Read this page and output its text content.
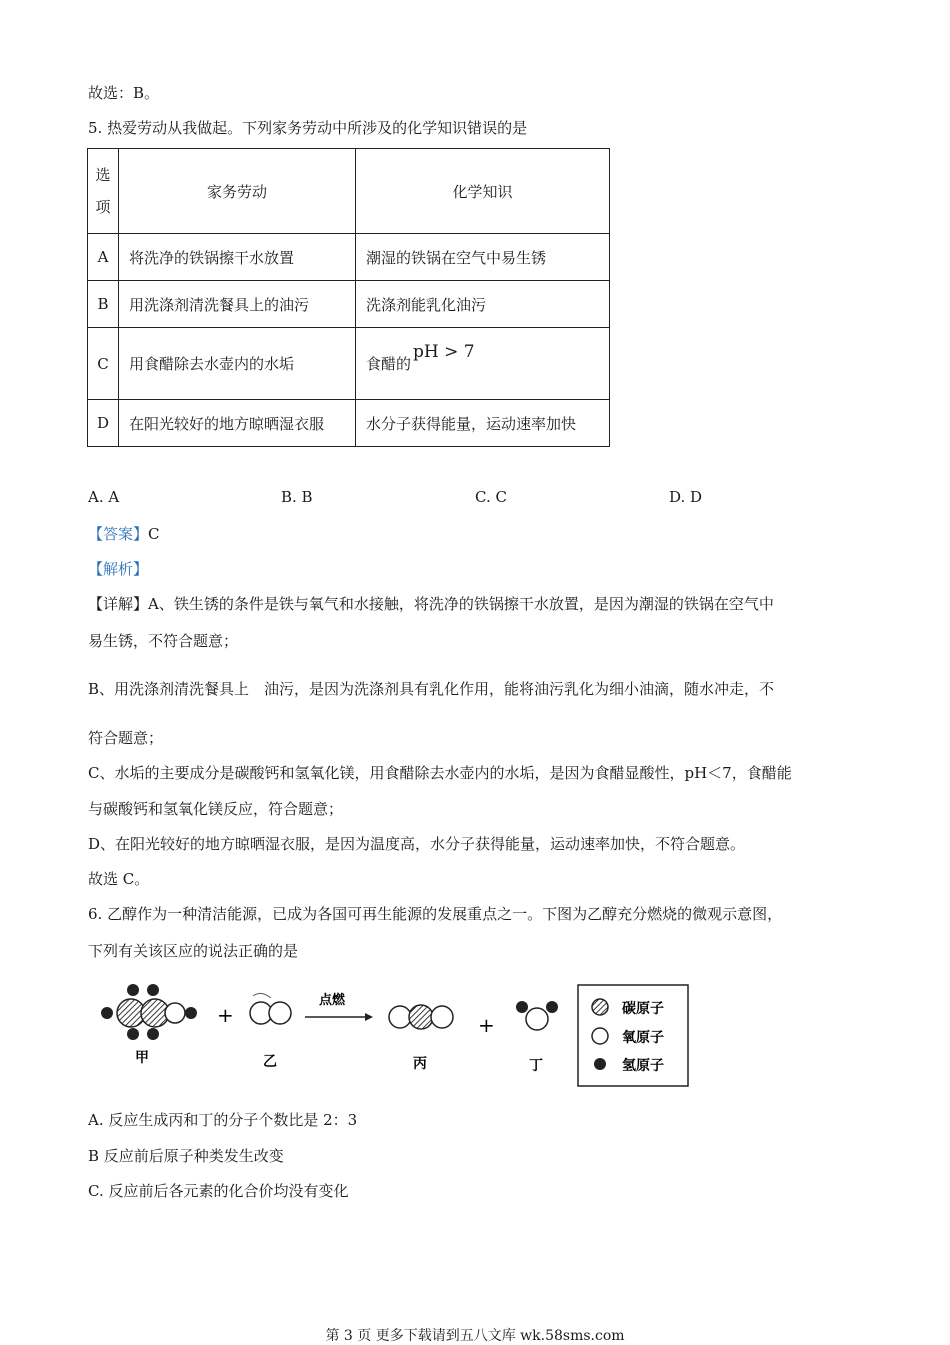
故选：B。
5. 热爱劳动从我做起。下列家务劳动中所涉及的化学知识错误的是
选
项	家务劳动	化学知识
A	将洗净的铁锅擦干水放置	潮湿的铁锅在空气中易生锈
B	用洗涤剂清洗餐具上的油污	洗涤剂能乳化油污
C	用食醋除去水壶内的水垢	食醋的pH > 7
D	在阳光较好的地方晾晒湿衣服	水分子获得能量，运动速率加快
A. A	B. B	C. C	D. D
【答案】C
【解析】
【详解】A、铁生锈的条件是铁与氧气和水接触，将洗净的铁锅擦干水放置，是因为潮湿的铁锅在空气中
易生锈，不符合题意；
B、用洗涤剂清洗餐具上　油污，是因为洗涤剂具有乳化作用，能将油污乳化为细小油滴，随水冲走，不
符合题意；
C、水垢的主要成分是碳酸钙和氢氧化镁，用食醋除去水壶内的水垢，是因为食醋显酸性，pH＜7，食醋能
与碳酸钙和氢氧化镁反应，符合题意；
D、在阳光较好的地方晾晒湿衣服，是因为温度高，水分子获得能量，运动速率加快，不符合题意。
故选 C。
6. 乙醇作为一种清洁能源，已成为各国可再生能源的发展重点之一。下图为乙醇充分燃烧的微观示意图，
下列有关该区应的说法正确的是
+
点燃
+
甲	乙	丙	丁
碳原子
氧原子
氢原子
A. 反应生成丙和丁的分子个数比是 2：3
B 反应前后原子种类发生改变
C. 反应前后各元素的化合价均没有变化
第 3 页 更多下载请到五八文库 wk.58sms.com
